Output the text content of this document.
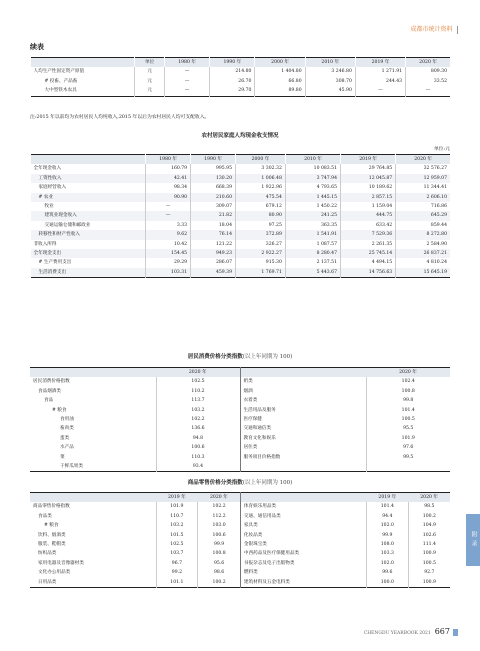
成都市统计资料
续表
	单位	1980 年	1990 年	2000 年	2010 年	2019 年	2020 年
人均生产性固定资产原值	元	—	214.80	1 404.80	3 246.80	1 271.91	809.30
# 役畜、产品畜	元	—	26.70	66.80	308.70	244.43	33.52
大中型铁木农具	元	—	29.70	89.80	45.90	—	—
注:2015 年以前均为农村居民人均纯收入,2015 年以后为农村居民人均可支配收入。
农村居民家庭人均现金收支情况
单位:元
	1980 年	1990 年	2000 年	2010 年	2019 年	2020 年
全年现金收入	160.79	995.95	3 302.32	10 083.51	29 764.85	32 576.27
工资性收入	42.41	130.20	1 006.48	3 747.94	12 045.87	12 959.07
家庭经营收入	98.34	668.39	1 922.96	4 793.65	10 189.62	11 344.41
# 农业	90.90	210.60	475.54	1 445.15	2 857.15	2 606.10
牧业	—	309.07	679.12	1 450.22	1 159.04	716.86
建筑业现金收入	—	21.82	80.90	241.25	444.75	645.29
交通运输仓储和邮政业	3.33	18.04	97.25	363.35	633.42	859.44
转移性和财产性收入	9.62	76.14	372.89	1 541.91	7 529.36	8 272.80
非收入所得	10.42	121.22	326.27	1 087.57	2 261.35	2 584.90
全年现金支出	154.45	949.23	2 922.27	8 280.47	25 745.14	26 837.21
# 生产费用支出	29.29	286.07	915.30	2 137.51	4 494.15	4 810.24
生活消费支出	103.31	459.39	1 769.71	5 443.67	14 756.63	15 645.19
居民消费价格分类指数(以上年同期为 100)
	2020 年		2020 年
居民消费价格指数	102.5	奶类	102.4
食品烟酒类	110.2	烟酒	100.8
食品	113.7	衣着类	99.8
# 粮食	103.2	生活用品及服务	101.4
食用油	102.2	医疗保健	100.5
畜肉类	136.6	交通和通信类	95.5
蛋类	94.8	教育文化和娱乐	101.9
水产品	100.6	居住类	97.6
菜	110.3	服务项目价格指数	99.5
干鲜瓜果类	93.4		
商品零售价格分类指数(以上年同期为 100)
	2019 年	2020 年		2019 年	2020 年
商品零售价格指数	101.9	102.2	体育娱乐用品类	101.4	98.5
食品类	110.7	112.2	交通、通信用品类	94.4	100.2
# 粮食	103.2	103.0	家具类	102.0	104.9
饮料、烟酒类	101.5	100.6	化妆品类	99.9	102.6
服装、鞋帽类	102.5	99.9	金银珠宝类	108.0	111.4
纺织品类	103.7	100.8	中西药品及医疗保健用品类	103.3	100.9
家用电器及音像器材类	96.7	95.6	书报杂志及电子出版物类	102.0	100.5
文化办公用品类	99.2	98.6	燃料类	99.6	92.7
日用品类	101.1	100.2	建筑材料及五金电料类	100.0	100.9
附录
CHENGDU YEARBOOK 2021 667
